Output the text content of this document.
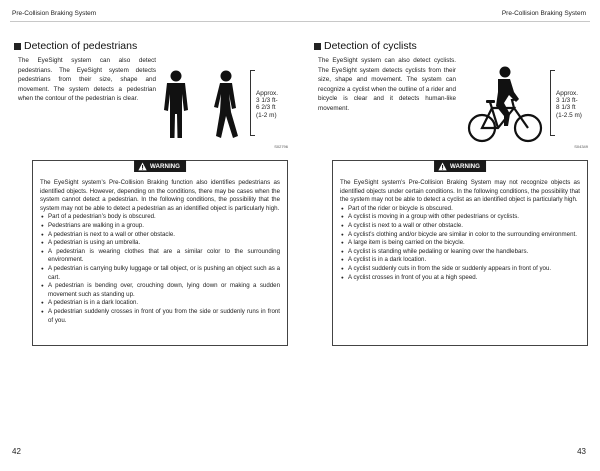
Pre-Collision Braking System
Detection of pedestrians
The EyeSight system can also detect pedestrians. The EyeSight system detects pedestrians from their size, shape and movement. The system detects a pedestrian when the contour of the pedestrian is clear.
Approx.
3 1/3 ft-
6 2/3 ft
(1-2 m)
S02796
WARNING

The EyeSight system’s Pre-Collision Braking function also identifies pedestrians as identified objects. However, depending on the conditions, there may be cases when the system cannot detect a pedestrian. In the following conditions, the possibility that the system may not be able to detect a pedestrian as an identified object is particularly high.

● Part of a pedestrian’s body is obscured.
● Pedestrians are walking in a group.
● A pedestrian is next to a wall or other obstacle.
● A pedestrian is using an umbrella.
● A pedestrian is wearing clothes that are a similar color to the surrounding environment.
● A pedestrian is carrying bulky luggage or tall object, or is pushing an object such as a cart.
● A pedestrian is bending over, crouching down, lying down or making a sudden movement such as standing up.
● A pedestrian is in a dark location.
● A pedestrian suddenly crosses in front of you from the side or suddenly runs in front of you.
42
Pre-Collision Braking System
Detection of cyclists
The EyeSight system can also detect cyclists. The EyeSight system detects cyclists from their size, shape and movement. The system can recognize a cyclist when the outline of a rider and bicycle is clear and it detects human-like movement.
Approx.
3 1/3 ft-
8 1/3 ft
(1-2.5 m)
S04349
WARNING

The EyeSight system’s Pre-Collision Braking System may not recognize objects as identified objects under certain conditions. In the following conditions, the possibility that the system may not be able to detect a cyclist as an identified object is particularly high.

● Part of the rider or bicycle is obscured.
● A cyclist is moving in a group with other pedestrians or cyclists.
● A cyclist is next to a wall or other obstacle.
● A cyclist’s clothing and/or bicycle are similar in color to the surrounding environment.
● A large item is being carried on the bicycle.
● A cyclist is standing while pedaling or leaning over the handlebars.
● A cyclist is in a dark location.
● A cyclist suddenly cuts in from the side or suddenly appears in front of you.
● A cyclist crosses in front of you at a high speed.
43
